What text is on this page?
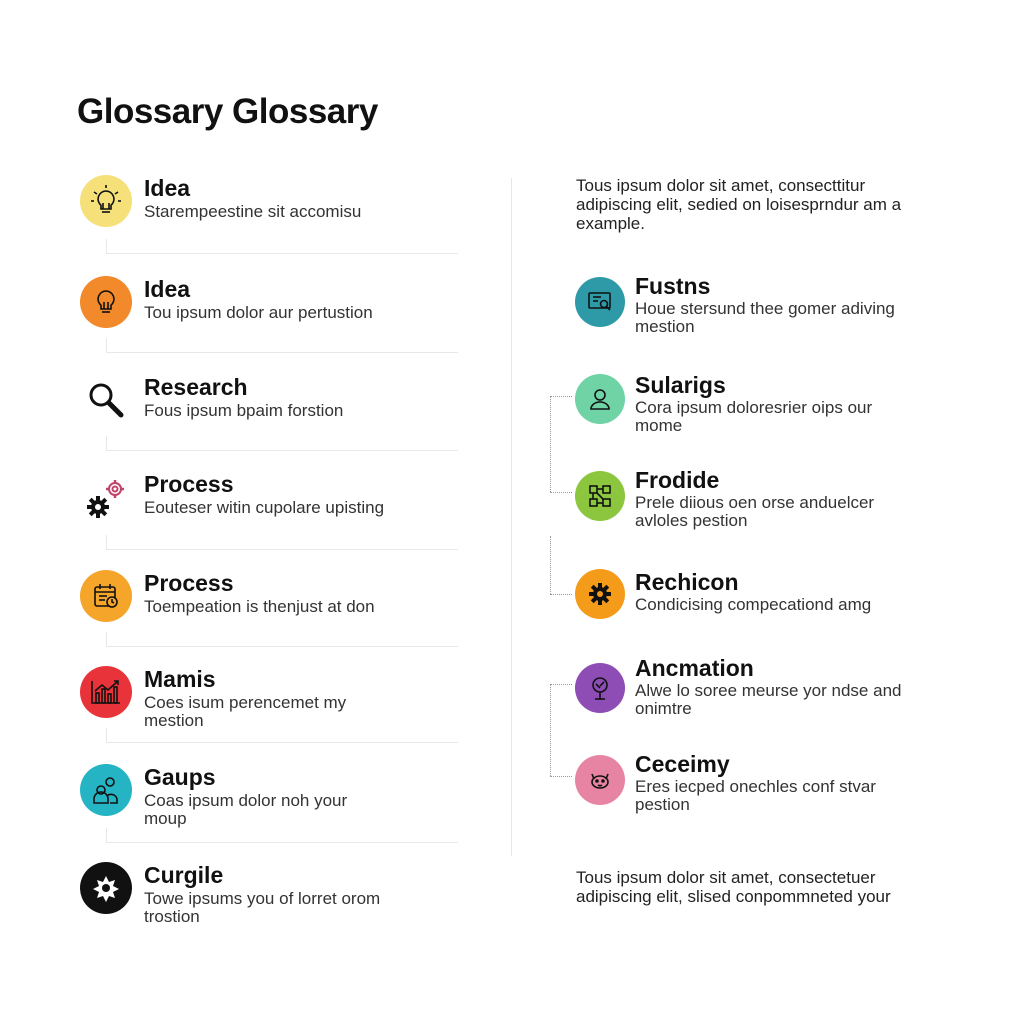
Glossary Glossary
Idea
Starempeestine sit accomisu
Idea
Tou ipsum dolor aur pertustion
Research
Fous ipsum bpaim forstion
Process
Eouteser witin cupolare upisting
Process
Toempeation is thenjust at don
Mamis
Coes isum perencemet my mestion
Gaups
Coas ipsum dolor noh your moup
Curgile
Towe ipsums you of lorret orom trostion
Tous ipsum dolor sit amet, consecttitur adipiscing elit, sedied on loisesprndur am a example.
Fustns
Houe stersund thee gomer adiving mestion
Sularigs
Cora ipsum doloresrier oips our mome
Frodide
Prele diious oen orse anduelcer avloles pestion
Rechicon
Condicising compecationd amg
Ancmation
Alwe lo soree meurse yor ndse and onimtre
Ceceimy
Eres iecped onechles conf stvar pestion
Tous ipsum dolor sit amet, consectetuer adipiscing elit, slised conpommneted your
